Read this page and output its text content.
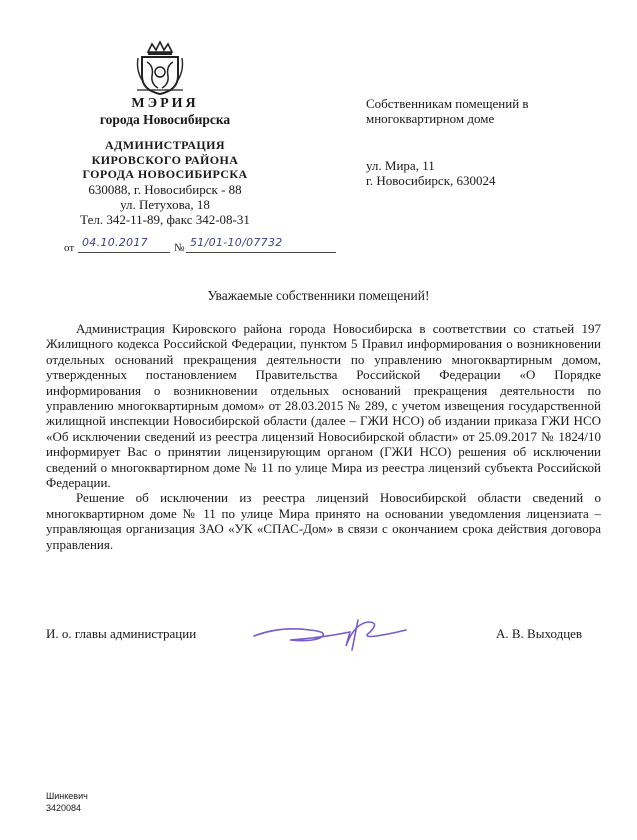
МЭРИЯ
города Новосибирска
АДМИНИСТРАЦИЯ
КИРОВСКОГО РАЙОНА
ГОРОДА НОВОСИБИРСКА
630088, г. Новосибирск - 88
ул. Петухова, 18
Тел. 342-11-89, факс 342-08-31
от 04.10.2017	№ 51/01-10/07732
Собственникам помещений в
многоквартирном доме
ул. Мира, 11
г. Новосибирск, 630024
Уважаемые собственники помещений!

Администрация Кировского района города Новосибирска в соответствии со статьей 197 Жилищного кодекса Российской Федерации, пунктом 5 Правил информирования о возникновении отдельных оснований прекращения деятельности по управлению многоквартирным домом, утвержденных постановлением Правительства Российской Федерации «О Порядке информирования о возникновении отдельных оснований прекращения деятельности по управлению многоквартирным домом» от 28.03.2015 № 289, с учетом извещения государственной жилищной инспекции Новосибирской области (далее – ГЖИ НСО) об издании приказа ГЖИ НСО «Об исключении сведений из реестра лицензий Новосибирской области» от 25.09.2017 № 1824/10 информирует Вас о принятии лицензирующим органом (ГЖИ НСО) решения об исключении сведений о многоквартирном доме № 11 по улице Мира из реестра лицензий субъекта Российской Федерации.

Решение об исключении из реестра лицензий Новосибирской области сведений о многоквартирном доме № 11 по улице Мира принято на основании уведомления лицензиата – управляющая организация ЗАО «УК «СПАС-Дом» в связи с окончанием срока действия договора управления.

И. о. главы администрации	А. В. Выходцев
Шинкевич
3420084
